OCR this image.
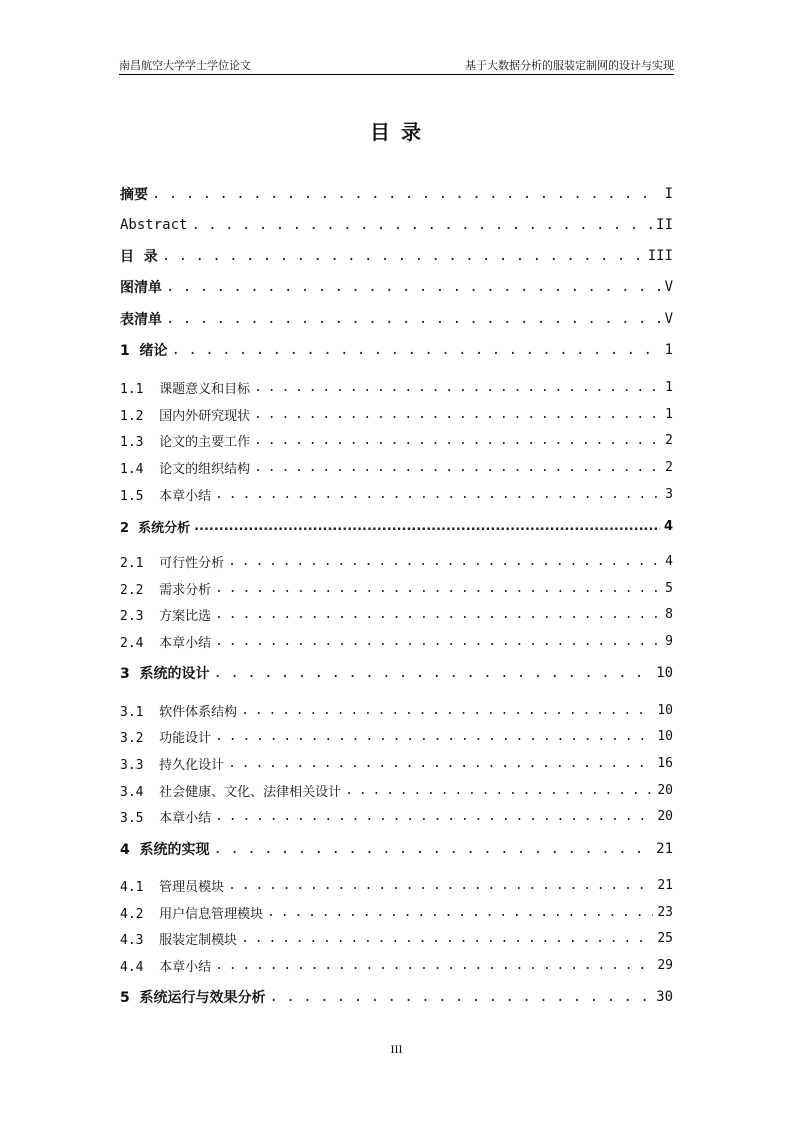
南昌航空大学学士学位论文	基于大数据分析的服装定制网的设计与实现
目 录
摘要 . . .	I
Abstract . . .	II
目  录 . . .	III
图清单 . . .	V
表清单 . . .	V
1  绪论 . . .	1
1.1  课题意义和目标 . . .	1
1.2  国内外研究现状 . . .	1
1.3  论文的主要工作 . . .	2
1.4  论文的组织结构 . . .	2
1.5  本章小结 . . .	3
2  系统分析 .....	4
2.1  可行性分析 . . .	4
2.2  需求分析 . . .	5
2.3  方案比选 . . .	8
2.4  本章小结 . . .	9
3  系统的设计 . . .	10
3.1  软件体系结构 . . .	10
3.2  功能设计 . . .	10
3.3  持久化设计 . . .	16
3.4  社会健康、文化、法律相关设计 . . .	20
3.5  本章小结 . . .	20
4  系统的实现 . . .	21
4.1  管理员模块 . . .	21
4.2  用户信息管理模块 . . .	23
4.3  服装定制模块 . . .	25
4.4  本章小结 . . .	29
5  系统运行与效果分析 . . .	30
III
